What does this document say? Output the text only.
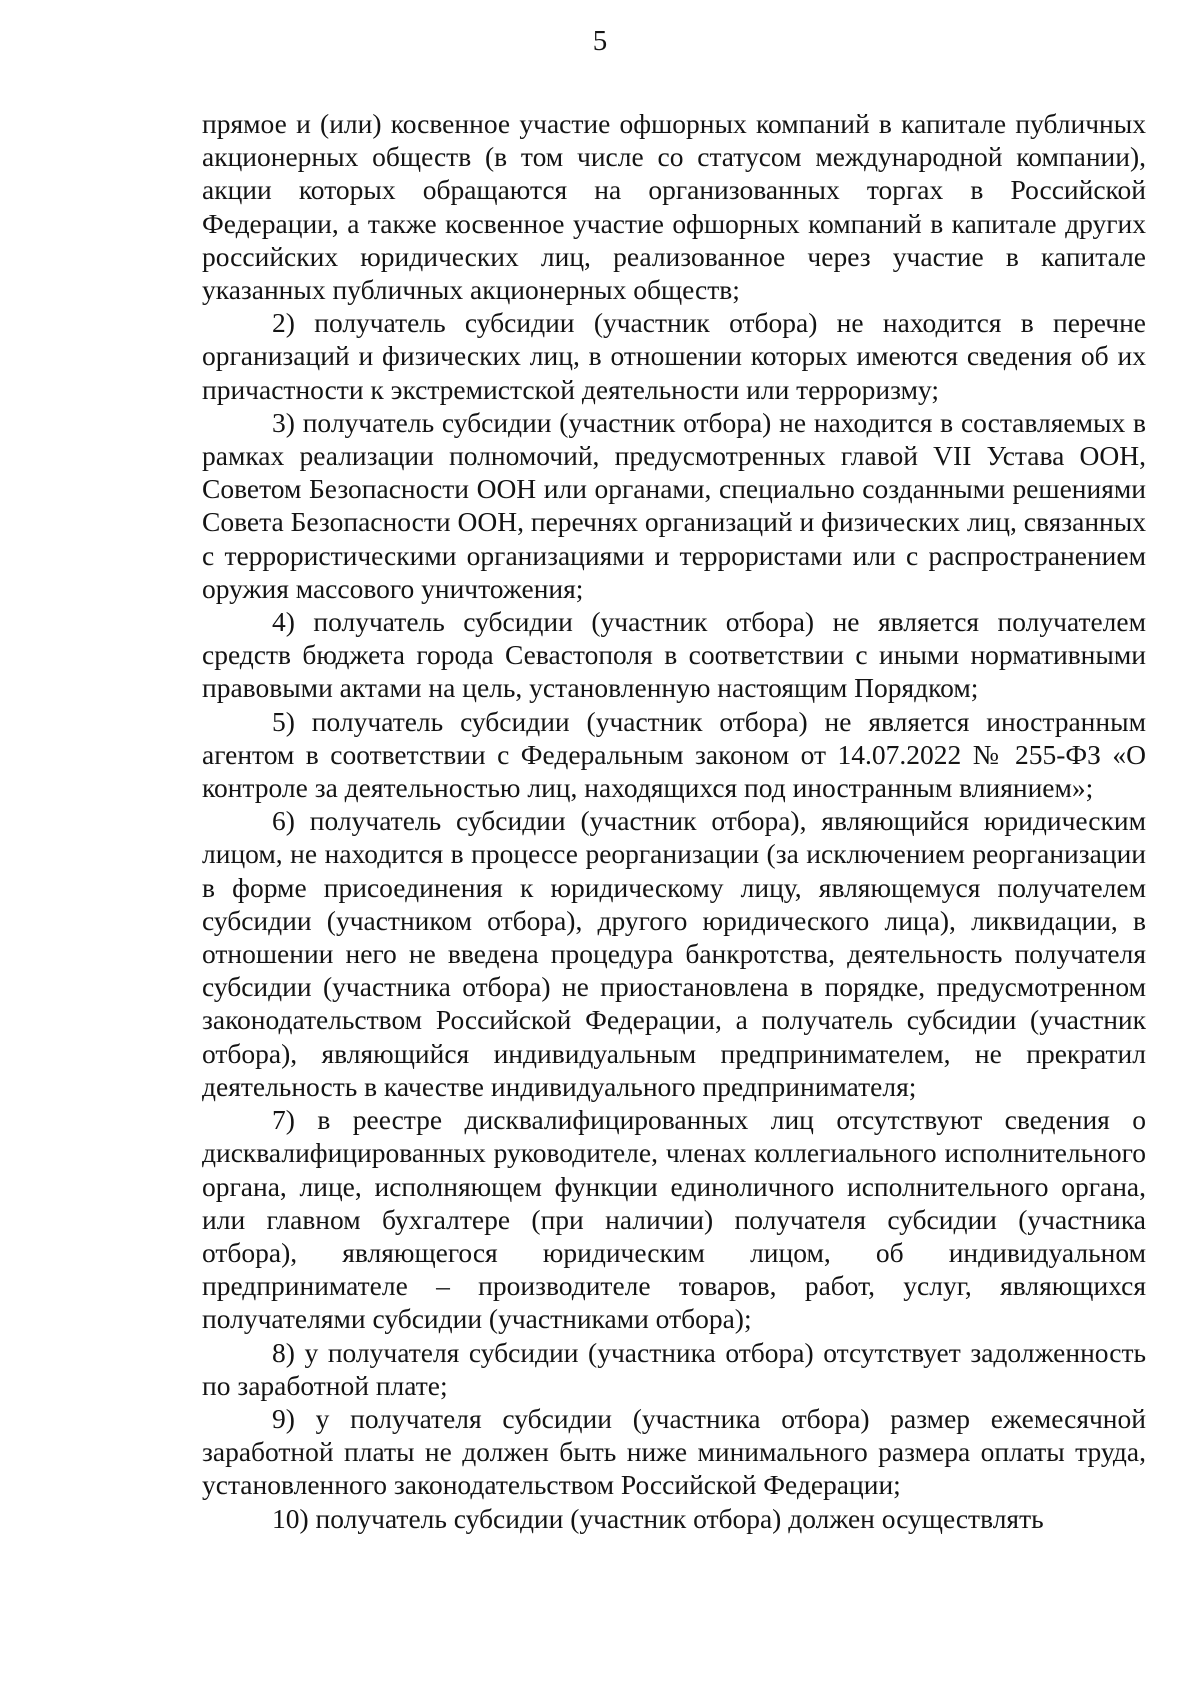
5

прямое и (или) косвенное участие офшорных компаний в капитале публичных акционерных обществ (в том числе со статусом международной компании), акции которых обращаются на организованных торгах в Российской Федерации, а также косвенное участие офшорных компаний в капитале других российских юридических лиц, реализованное через участие в капитале указанных публичных акционерных обществ;

2) получатель субсидии (участник отбора) не находится в перечне организаций и физических лиц, в отношении которых имеются сведения об их причастности к экстремистской деятельности или терроризму;

3) получатель субсидии (участник отбора) не находится в составляемых в рамках реализации полномочий, предусмотренных главой VII Устава ООН, Советом Безопасности ООН или органами, специально созданными решениями Совета Безопасности ООН, перечнях организаций и физических лиц, связанных с террористическими организациями и террористами или с распространением оружия массового уничтожения;

4) получатель субсидии (участник отбора) не является получателем средств бюджета города Севастополя в соответствии с иными нормативными правовыми актами на цель, установленную настоящим Порядком;

5) получатель субсидии (участник отбора) не является иностранным агентом в соответствии с Федеральным законом от 14.07.2022 № 255-ФЗ «О контроле за деятельностью лиц, находящихся под иностранным влиянием»;

6) получатель субсидии (участник отбора), являющийся юридическим лицом, не находится в процессе реорганизации (за исключением реорганизации в форме присоединения к юридическому лицу, являющемуся получателем субсидии (участником отбора), другого юридического лица), ликвидации, в отношении него не введена процедура банкротства, деятельность получателя субсидии (участника отбора) не приостановлена в порядке, предусмотренном законодательством Российской Федерации, а получатель субсидии (участник отбора), являющийся индивидуальным предпринимателем, не прекратил деятельность в качестве индивидуального предпринимателя;

7) в реестре дисквалифицированных лиц отсутствуют сведения о дисквалифицированных руководителе, членах коллегиального исполнительного органа, лице, исполняющем функции единоличного исполнительного органа, или главном бухгалтере (при наличии) получателя субсидии (участника отбора), являющегося юридическим лицом, об индивидуальном предпринимателе – производителе товаров, работ, услуг, являющихся получателями субсидии (участниками отбора);

8) у получателя субсидии (участника отбора) отсутствует задолженность по заработной плате;

9) у получателя субсидии (участника отбора) размер ежемесячной заработной платы не должен быть ниже минимального размера оплаты труда, установленного законодательством Российской Федерации;

10) получатель субсидии (участник отбора) должен осуществлять
